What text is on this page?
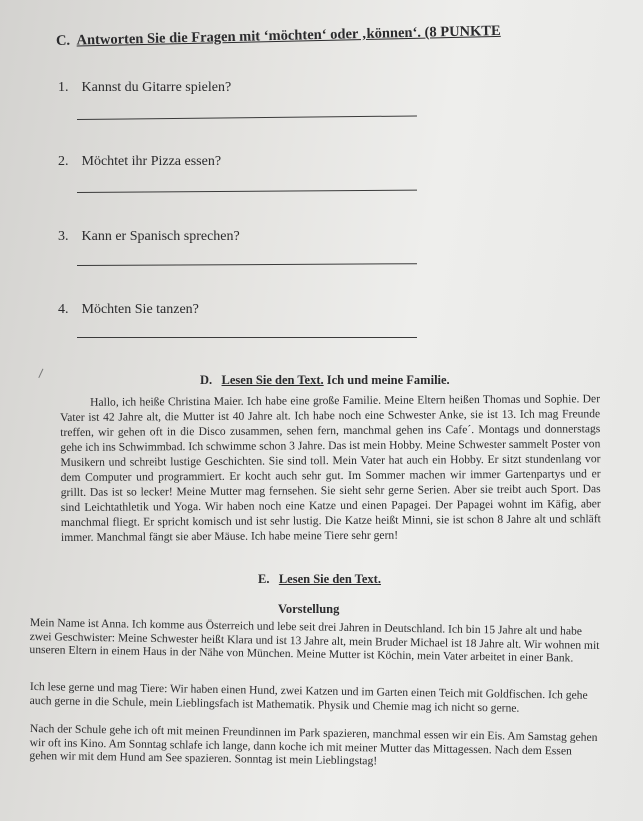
C. Antworten Sie die Fragen mit ‘möchten‘ oder ‚können‘. (8 PUNKTE
1. Kannst du Gitarre spielen?
2. Möchtet ihr Pizza essen?
3. Kann er Spanisch sprechen?
4. Möchten Sie tanzen?
D. Lesen Sie den Text. Ich und meine Familie.
Hallo, ich heiße Christina Maier. Ich habe eine große Familie. Meine Eltern heißen Thomas und Sophie. Der Vater ist 42 Jahre alt, die Mutter ist 40 Jahre alt. Ich habe noch eine Schwester Anke, sie ist 13. Ich mag Freunde treffen, wir gehen oft in die Disco zusammen, sehen fern, manchmal gehen ins Cafe´. Montags und donnerstags gehe ich ins Schwimmbad. Ich schwimme schon 3 Jahre. Das ist mein Hobby. Meine Schwester sammelt Poster von Musikern und schreibt lustige Geschichten. Sie sind toll. Mein Vater hat auch ein Hobby. Er sitzt stundenlang vor dem Computer und programmiert. Er kocht auch sehr gut. Im Sommer machen wir immer Gartenpartys und er grillt. Das ist so lecker! Meine Mutter mag fernsehen. Sie sieht sehr gerne Serien. Aber sie treibt auch Sport. Das sind Leichtathletik und Yoga. Wir haben noch eine Katze und einen Papagei. Der Papagei wohnt im Käfig, aber manchmal fliegt. Er spricht komisch und ist sehr lustig. Die Katze heißt Minni, sie ist schon 8 Jahre alt und schläft immer. Manchmal fängt sie aber Mäuse. Ich habe meine Tiere sehr gern!
E. Lesen Sie den Text.
Vorstellung
Mein Name ist Anna. Ich komme aus Österreich und lebe seit drei Jahren in Deutschland. Ich bin 15 Jahre alt und habe zwei Geschwister: Meine Schwester heißt Klara und ist 13 Jahre alt, mein Bruder Michael ist 18 Jahre alt. Wir wohnen mit unseren Eltern in einem Haus in der Nähe von München. Meine Mutter ist Köchin, mein Vater arbeitet in einer Bank.
Ich lese gerne und mag Tiere: Wir haben einen Hund, zwei Katzen und im Garten einen Teich mit Goldfischen. Ich gehe auch gerne in die Schule, mein Lieblingsfach ist Mathematik. Physik und Chemie mag ich nicht so gerne.
Nach der Schule gehe ich oft mit meinen Freundinnen im Park spazieren, manchmal essen wir ein Eis. Am Samstag gehen wir oft ins Kino. Am Sonntag schlafe ich lange, dann koche ich mit meiner Mutter das Mittagessen. Nach dem Essen gehen wir mit dem Hund am See spazieren. Sonntag ist mein Lieblingstag!
